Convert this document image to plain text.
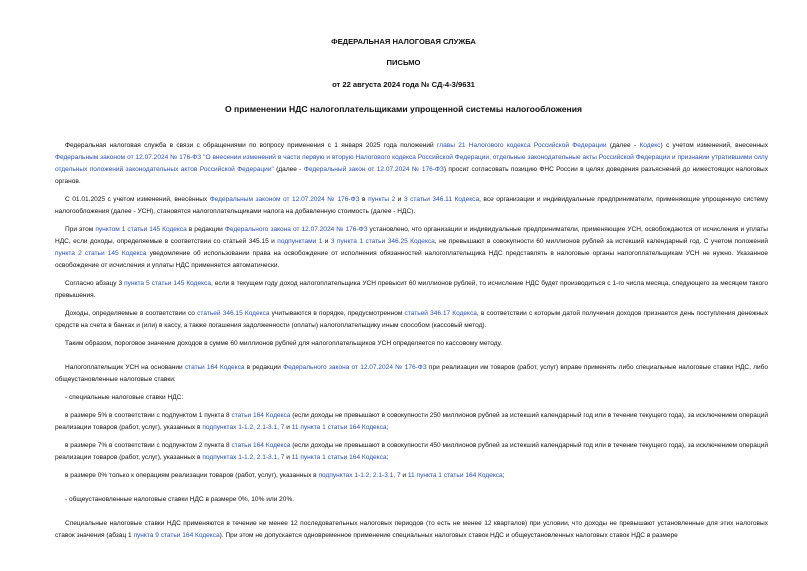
ФЕДЕРАЛЬНАЯ НАЛОГОВАЯ СЛУЖБА
ПИСЬМО
от 22 августа 2024 года № СД-4-3/9631
О применении НДС налогоплательщиками упрощенной системы налогообложения
Федеральная налоговая служба в связи с обращениями по вопросу применения с 1 января 2025 года положений главы 21 Налогового кодекса Российской Федерации (далее - Кодекс) с учетом изменений, внесенных Федеральным законом от 12.07.2024 № 176-ФЗ "О внесении изменений в части первую и вторую Налогового кодекса Российской Федерации, отдельные законодательные акты Российской Федерации и признании утратившими силу отдельных положений законодательных актов Российской Федерации" (далее - Федеральный закон от 12.07.2024 № 176-ФЗ) просит согласовать позицию ФНС России в целях доведения разъяснений до нижестоящих налоговых органов.
С 01.01.2025 с учетом изменений, внесённых Федеральным законом от 12.07.2024 № 176-ФЗ в пункты 2 и 3 статьи 346.11 Кодекса, все организации и индивидуальные предприниматели, применяющие упрощенную систему налогообложения (далее - УСН), становятся налогоплательщиками налога на добавленную стоимость (далее - НДС).
При этом пунктом 1 статьи 145 Кодекса в редакции Федерального закона от 12.07.2024 № 176-ФЗ установлено, что организации и индивидуальные предприниматели, применяющие УСН, освобождаются от исчисления и уплаты НДС, если доходы, определяемые в соответствии со статьей 345.15 и подпунктами 1 и 3 пункта 1 статьи 346.25 Кодекса, не превышают в совокупности 60 миллионов рублей за истекший календарный год. С учетом положений пункта 2 статьи 145 Кодекса уведомление об использовании права на освобождение от исполнения обязанностей налогоплательщика НДС представлять в налоговые органы налогоплательщикам УСН не нужно. Указанное освобождение от исчисления и уплаты НДС применяется автоматически.
Согласно абзацу 3 пункта 5 статьи 145 Кодекса, если в текущем году доход налогоплательщика УСН превысит 60 миллионов рублей, то исчисление НДС будет производиться с 1-го числа месяца, следующего за месяцем такого превышения.
Доходы, определяемые в соответствии со статьей 346.15 Кодекса учитываются в порядке, предусмотренном статьей 346.17 Кодекса, в соответствии с которым датой получения доходов признается день поступления денежных средств на счета в банках и (или) в кассу, а также погашения задолженности (оплаты) налогоплательщику иным способом (кассовый метод).
Таким образом, пороговое значение доходов в сумме 60 миллионов рублей для налогоплательщиков УСН определяется по кассовому методу.
Налогоплательщик УСН на основании статьи 164 Кодекса в редакции Федерального закона от 12.07.2024 № 176-ФЗ при реализации им товаров (работ, услуг) вправе применять либо специальные налоговые ставки НДС, либо общеустановленные налоговые ставки:
- специальные налоговые ставки НДС:
в размере 5% в соответствии с подпунктом 1 пункта 8 статьи 164 Кодекса (если доходы не превышают в совокупности 250 миллионов рублей за истекший календарный год или в течение текущего года), за исключением операций реализации товаров (работ, услуг), указанных в подпунктах 1-1.2, 2.1-3.1, 7 и 11 пункта 1 статьи 164 Кодекса;
в размере 7% в соответствии с подпунктом 2 пункта 8 статьи 164 Кодекса (если доходы не превышают в совокупности 450 миллионов рублей за истекший календарный год или в течение текущего года), за исключением операций реализации товаров (работ, услуг), указанных в подпунктах 1-1.2, 2.1-3.1, 7 и 11 пункта 1 статьи 164 Кодекса;
в размере 0% только к операциям реализации товаров (работ, услуг), указанных в подпунктах 1-1.2, 2.1-3.1, 7 и 11 пункта 1 статьи 164 Кодекса;
- общеустановленные налоговые ставки НДС в размере 0%, 10% или 20%.
Специальные налоговые ставки НДС применяются в течение не менее 12 последовательных налоговых периодов (то есть не менее 12 кварталов) при условии, что доходы не превышают установленные для этих налоговых ставок значения (абзац 1 пункта 9 статьи 164 Кодекса). При этом не допускается одновременное применение специальных налоговых ставок НДС и общеустановленных налоговых ставок НДС в размере
